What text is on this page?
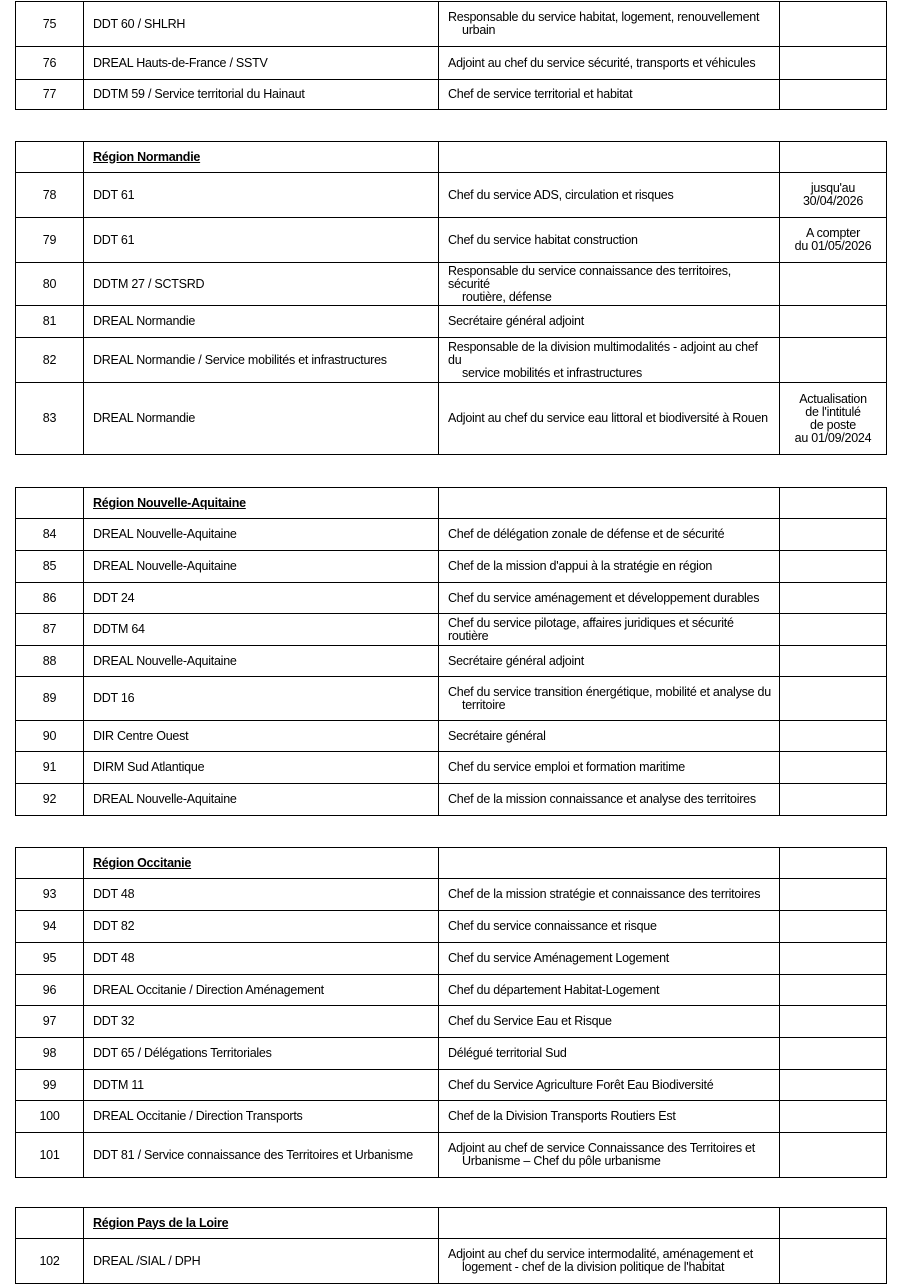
75	DDT 60 / SHLRH	Responsable du service habitat, logement, renouvellement
urbain	

76	DREAL Hauts-de-France / SSTV	Adjoint au chef du service sécurité, transports et véhicules	

77	DDTM 59 / Service territorial du Hainaut	Chef de service territorial et habitat	

	Région Normandie		
78	DDT 61	Chef du service ADS, circulation et risques	jusqu'au
30/04/2026

79	DDT 61	Chef du service habitat construction	A compter
du 01/05/2026

80	DDTM 27 / SCTSRD	Responsable du service connaissance des territoires, sécurité
routière, défense	

81	DREAL Normandie	Secrétaire général adjoint	

82	DREAL Normandie / Service mobilités et infrastructures	Responsable de la division multimodalités - adjoint au chef du
service mobilités et infrastructures	

83	DREAL Normandie	Adjoint au chef du service eau littoral et biodiversité à Rouen	Actualisation
de l'intitulé
de poste
au 01/09/2024
	Région Nouvelle-Aquitaine		
84	DREAL Nouvelle-Aquitaine	Chef de délégation zonale de défense et de sécurité	

85	DREAL Nouvelle-Aquitaine	Chef de la mission d'appui à la stratégie en région	

86	DDT 24	Chef du service aménagement et développement durables	

87	DDTM 64	Chef du service pilotage, affaires juridiques et sécurité routière	

88	DREAL Nouvelle-Aquitaine	Secrétaire général adjoint	

89	DDT 16	Chef du service transition énergétique, mobilité et analyse du
territoire	

90	DIR Centre Ouest	Secrétaire général	

91	DIRM Sud Atlantique	Chef du service emploi et formation maritime	

92	DREAL Nouvelle-Aquitaine	Chef de la mission connaissance et analyse des territoires	

	Région Occitanie		
93	DDT 48	Chef de la mission stratégie et connaissance des territoires	

94	DDT 82	Chef du service connaissance et risque	

95	DDT 48	Chef du service Aménagement Logement	

96	DREAL Occitanie / Direction Aménagement	Chef du département Habitat-Logement	

97	DDT 32	Chef du Service Eau et Risque	

98	DDT 65 / Délégations Territoriales	Délégué territorial Sud	

99	DDTM 11	Chef du Service Agriculture Forêt Eau Biodiversité	

100	DREAL Occitanie / Direction Transports	Chef de la Division Transports Routiers Est	

101	DDT 81 / Service connaissance des Territoires et Urbanisme	Adjoint au chef de service Connaissance des Territoires et
Urbanisme – Chef du pôle urbanisme	

	Région Pays de la Loire		
102	DREAL /SIAL / DPH	Adjoint au chef du service intermodalité, aménagement et
logement - chef de la division politique de l'habitat	
